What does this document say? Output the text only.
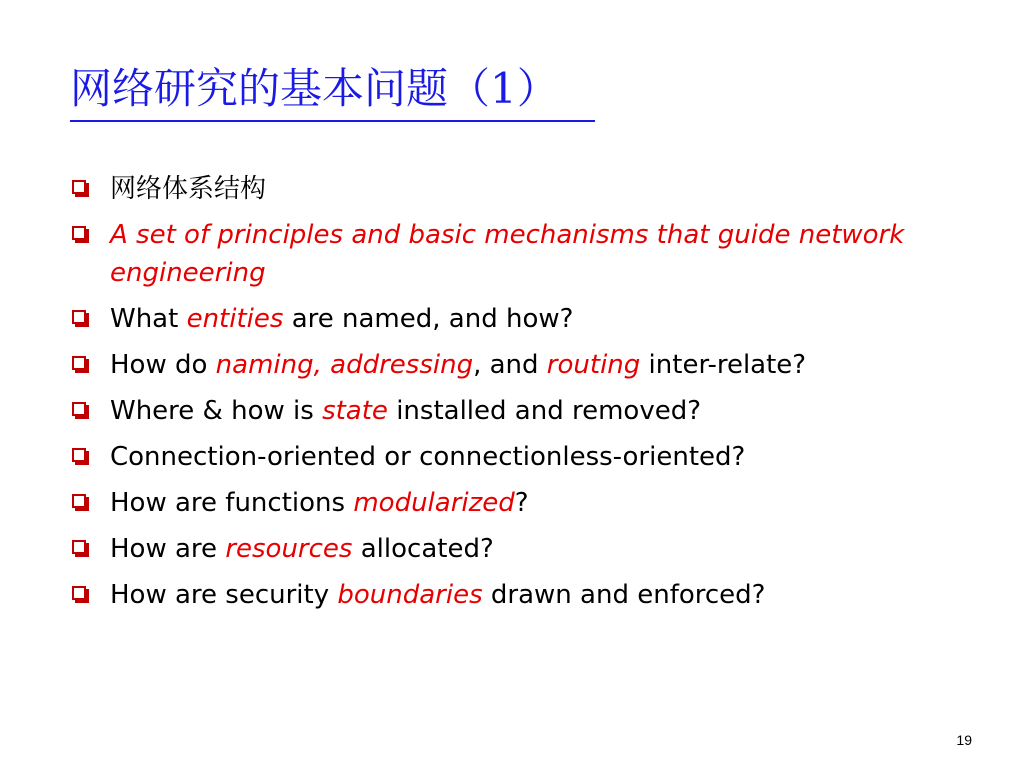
网络研究的基本问题（1）
网络体系结构
A set of principles and basic mechanisms that guide network engineering
What entities are named, and how?
How do naming, addressing, and routing inter-relate?
Where & how is state installed and removed?
Connection-oriented or connectionless-oriented?
How are functions modularized?
How are resources allocated?
How are security boundaries drawn and enforced?
19
